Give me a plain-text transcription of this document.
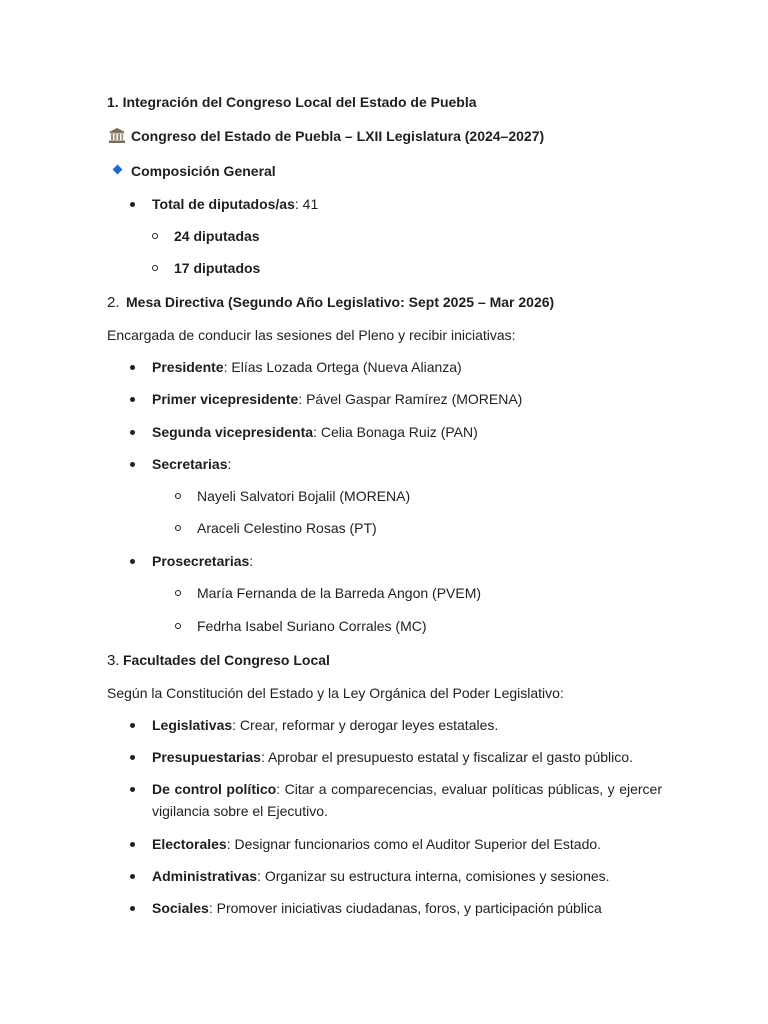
1. Integración del Congreso Local del Estado de Puebla
Congreso del Estado de Puebla – LXII Legislatura (2024–2027)
Composición General
Total de diputados/as: 41
24 diputadas
17 diputados
2. Mesa Directiva (Segundo Año Legislativo: Sept 2025 – Mar 2026)
Encargada de conducir las sesiones del Pleno y recibir iniciativas:
Presidente: Elías Lozada Ortega (Nueva Alianza)
Primer vicepresidente: Pável Gaspar Ramírez (MORENA)
Segunda vicepresidenta: Celia Bonaga Ruiz (PAN)
Secretarias:
Nayeli Salvatori Bojalil (MORENA)
Araceli Celestino Rosas (PT)
Prosecretarias:
María Fernanda de la Barreda Angon (PVEM)
Fedrha Isabel Suriano Corrales (MC)
3. Facultades del Congreso Local
Según la Constitución del Estado y la Ley Orgánica del Poder Legislativo:
Legislativas: Crear, reformar y derogar leyes estatales.
Presupuestarias: Aprobar el presupuesto estatal y fiscalizar el gasto público.
De control político: Citar a comparecencias, evaluar políticas públicas, y ejercer vigilancia sobre el Ejecutivo.
Electorales: Designar funcionarios como el Auditor Superior del Estado.
Administrativas: Organizar su estructura interna, comisiones y sesiones.
Sociales: Promover iniciativas ciudadanas, foros, y participación pública
